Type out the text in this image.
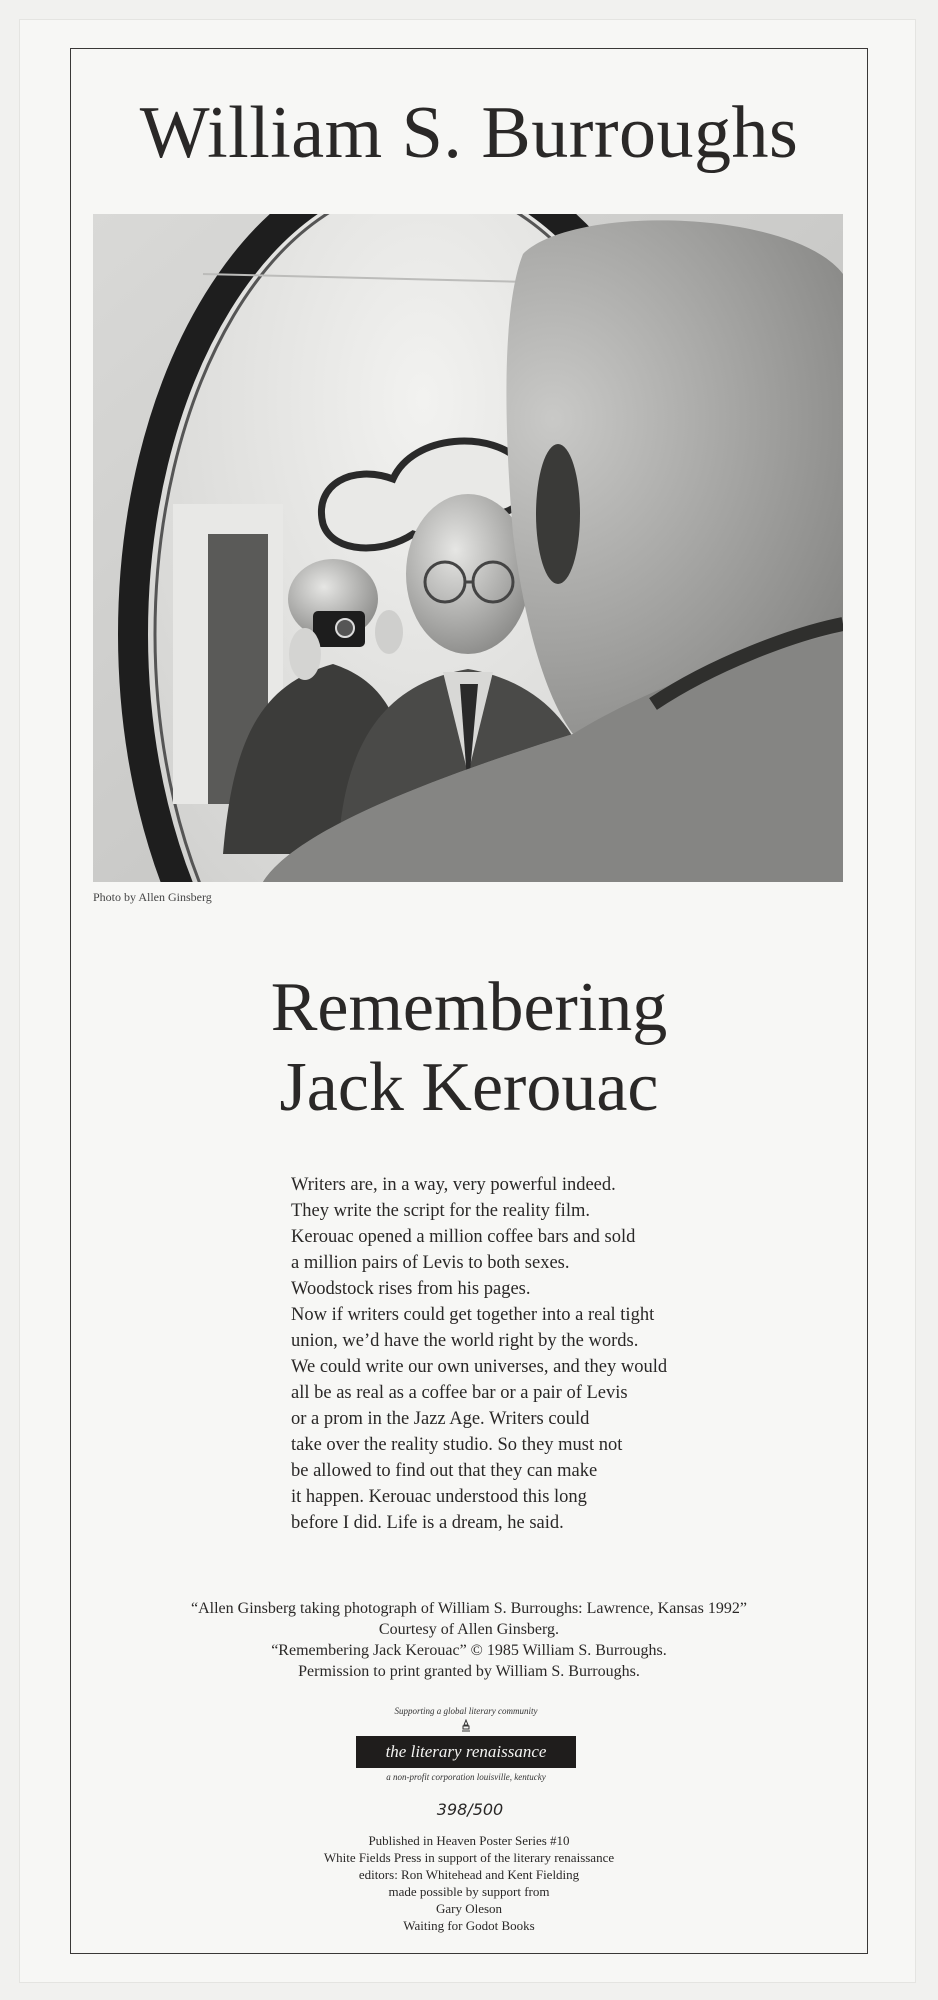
William S. Burroughs
Photo by Allen Ginsberg
Remembering
Jack Kerouac
Writers are, in a way, very powerful indeed.
They write the script for the reality film.
Kerouac opened a million coffee bars and sold
a million pairs of Levis to both sexes.
Woodstock rises from his pages.
Now if writers could get together into a real tight
union, we’d have the world right by the words.
We could write our own universes, and they would
all be as real as a coffee bar or a pair of Levis
or a prom in the Jazz Age. Writers could
take over the reality studio. So they must not
be allowed to find out that they can make
it happen. Kerouac understood this long
before I did. Life is a dream, he said.
“Allen Ginsberg taking photograph of William S. Burroughs: Lawrence, Kansas 1992”
Courtesy of Allen Ginsberg.
“Remembering Jack Kerouac” © 1985 William S. Burroughs.
Permission to print granted by William S. Burroughs.
Supporting a global literary community
the literary renaissance
a non-profit corporation louisville, kentucky
398/500
Published in Heaven Poster Series #10
White Fields Press in support of the literary renaissance
editors: Ron Whitehead and Kent Fielding
made possible by support from
Gary Oleson
Waiting for Godot Books
